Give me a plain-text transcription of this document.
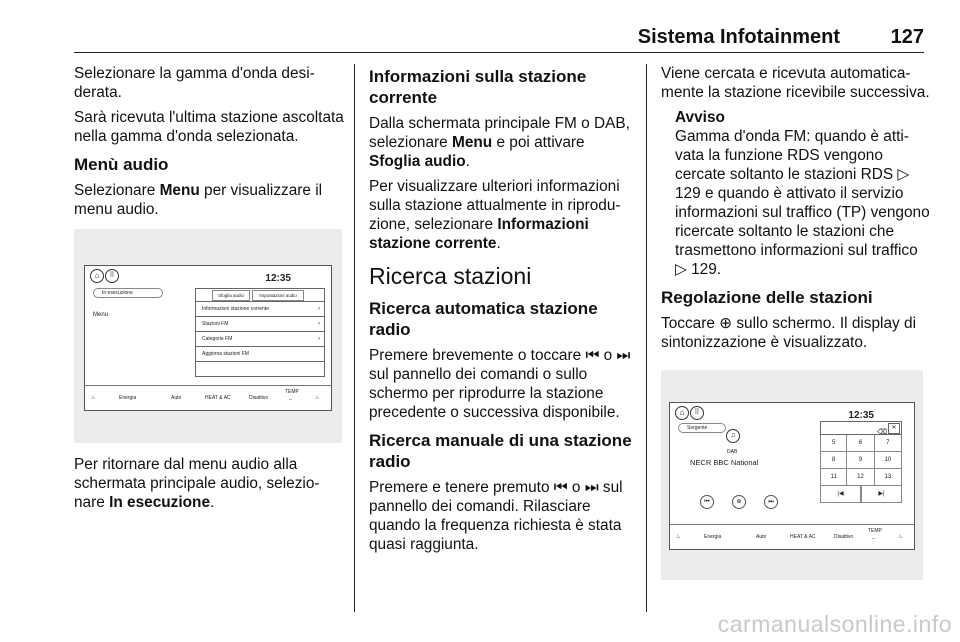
Sistema Infotainment	127

Selezionare la gamma d'onda desiderata.

Sarà ricevuta l'ultima stazione ascoltata nella gamma d'onda selezionata.

Menù audio

Selezionare Menu per visualizzare il menu audio.

⌂	⠿	12:35
In esecuzione
Menu
Sfoglia audio	Impostazioni audio
Informazioni stazione corrente	›
Stazioni FM	›
Categorie FM	›
Aggiorna stazioni FM
♨	Energia	Auto	HEAT & AC	Disattivo
TEMP
--	♨

Per ritornare dal menu audio alla schermata principale audio, selezionare In esecuzione.

Informazioni sulla stazione corrente

Dalla schermata principale FM o DAB, selezionare Menu e poi attivare Sfoglia audio.

Per visualizzare ulteriori informazioni sulla stazione attualmente in riproduzione, selezionare Informazioni stazione corrente.

Ricerca stazioni
Ricerca automatica stazione radio

Premere brevemente o toccare ⏮ o ⏭ sul pannello dei comandi o sullo schermo per riprodurre la stazione precedente o successiva disponibile.

Ricerca manuale di una stazione radio

Premere e tenere premuto ⏮ o ⏭ sul pannello dei comandi. Rilasciare quando la frequenza richiesta è stata quasi raggiunta.

Viene cercata e ricevuta automaticamente la stazione ricevibile successiva.

Avviso
Gamma d'onda FM: quando è attivata la funzione RDS vengono cercate soltanto le stazioni RDS ▷ 129 e quando è attivato il servizio informazioni sul traffico (TP) vengono ricercate soltanto le stazioni che trasmettono informazioni sul traffico ▷ 129.
Regolazione delle stazioni

Toccare ⊕ sullo schermo. Il display di sintonizzazione è visualizzato.

⌂	⠿	12:35
Sorgente
♫
DAB
NECR BBC National
⏮	⊕	⏭
⌫
✕
5	6	7
8	9	10
11	12	13
|◀	▶|
♨	Energia	Auto	HEAT & AC	Disattivo
TEMP
--	♨
carmanualsonline.info
